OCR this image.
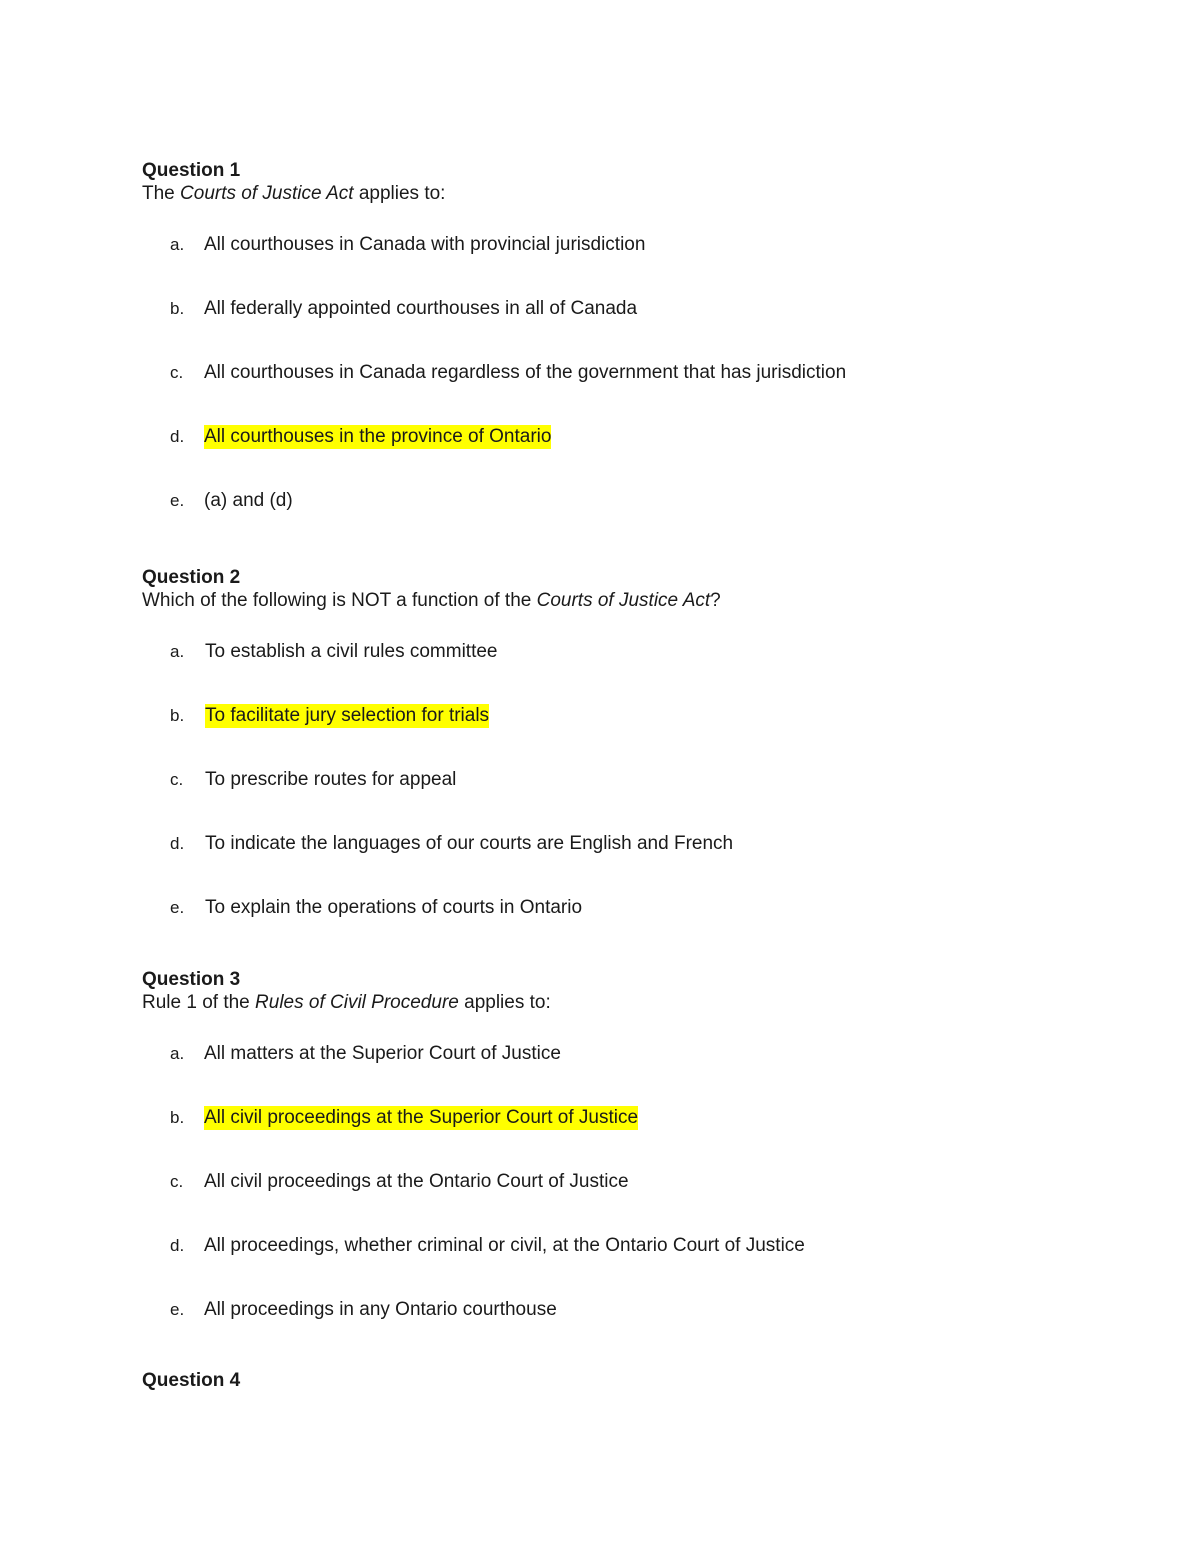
Question 1

The Courts of Justice Act applies to:

a. All courthouses in Canada with provincial jurisdiction
b. All federally appointed courthouses in all of Canada
c. All courthouses in Canada regardless of the government that has jurisdiction
d. All courthouses in the province of Ontario
e. (a) and (d)

Question 2

Which of the following is NOT a function of the Courts of Justice Act?

a. To establish a civil rules committee
b. To facilitate jury selection for trials
c. To prescribe routes for appeal
d. To indicate the languages of our courts are English and French
e. To explain the operations of courts in Ontario

Question 3

Rule 1 of the Rules of Civil Procedure applies to:

a. All matters at the Superior Court of Justice
b. All civil proceedings at the Superior Court of Justice
c. All civil proceedings at the Ontario Court of Justice
d. All proceedings, whether criminal or civil, at the Ontario Court of Justice
e. All proceedings in any Ontario courthouse

Question 4
